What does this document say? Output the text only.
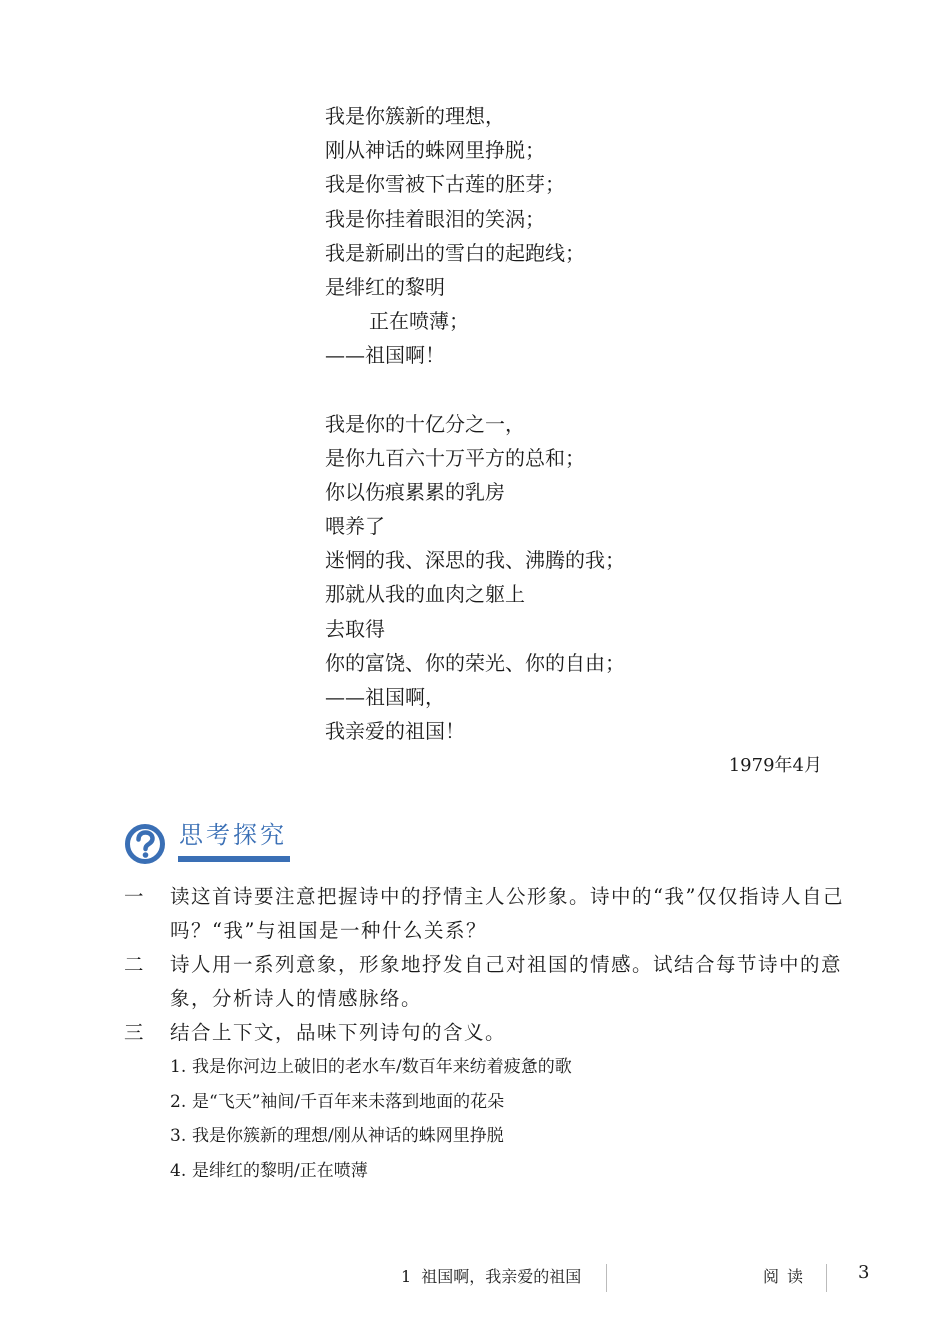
我是你簇新的理想，
刚从神话的蛛网里挣脱；
我是你雪被下古莲的胚芽；
我是你挂着眼泪的笑涡；
我是新刷出的雪白的起跑线；
是绯红的黎明
正在喷薄；
——祖国啊！
我是你的十亿分之一，
是你九百六十万平方的总和；
你以伤痕累累的乳房
喂养了
迷惘的我、深思的我、沸腾的我；
那就从我的血肉之躯上
去取得
你的富饶、你的荣光、你的自由；
——祖国啊，
我亲爱的祖国！
1979年4月
思考探究
一 读这首诗要注意把握诗中的抒情主人公形象。诗中的“我”仅仅指诗人自己吗？“我”与祖国是一种什么关系？
二 诗人用一系列意象，形象地抒发自己对祖国的情感。试结合每节诗中的意象，分析诗人的情感脉络。
三 结合上下文，品味下列诗句的含义。
1. 我是你河边上破旧的老水车/数百年来纺着疲惫的歌
2. 是“飞天”袖间/千百年来未落到地面的花朵
3. 我是你簇新的理想/刚从神话的蛛网里挣脱
4. 是绯红的黎明/正在喷薄
1 祖国啊，我亲爱的祖国	阅读	3
